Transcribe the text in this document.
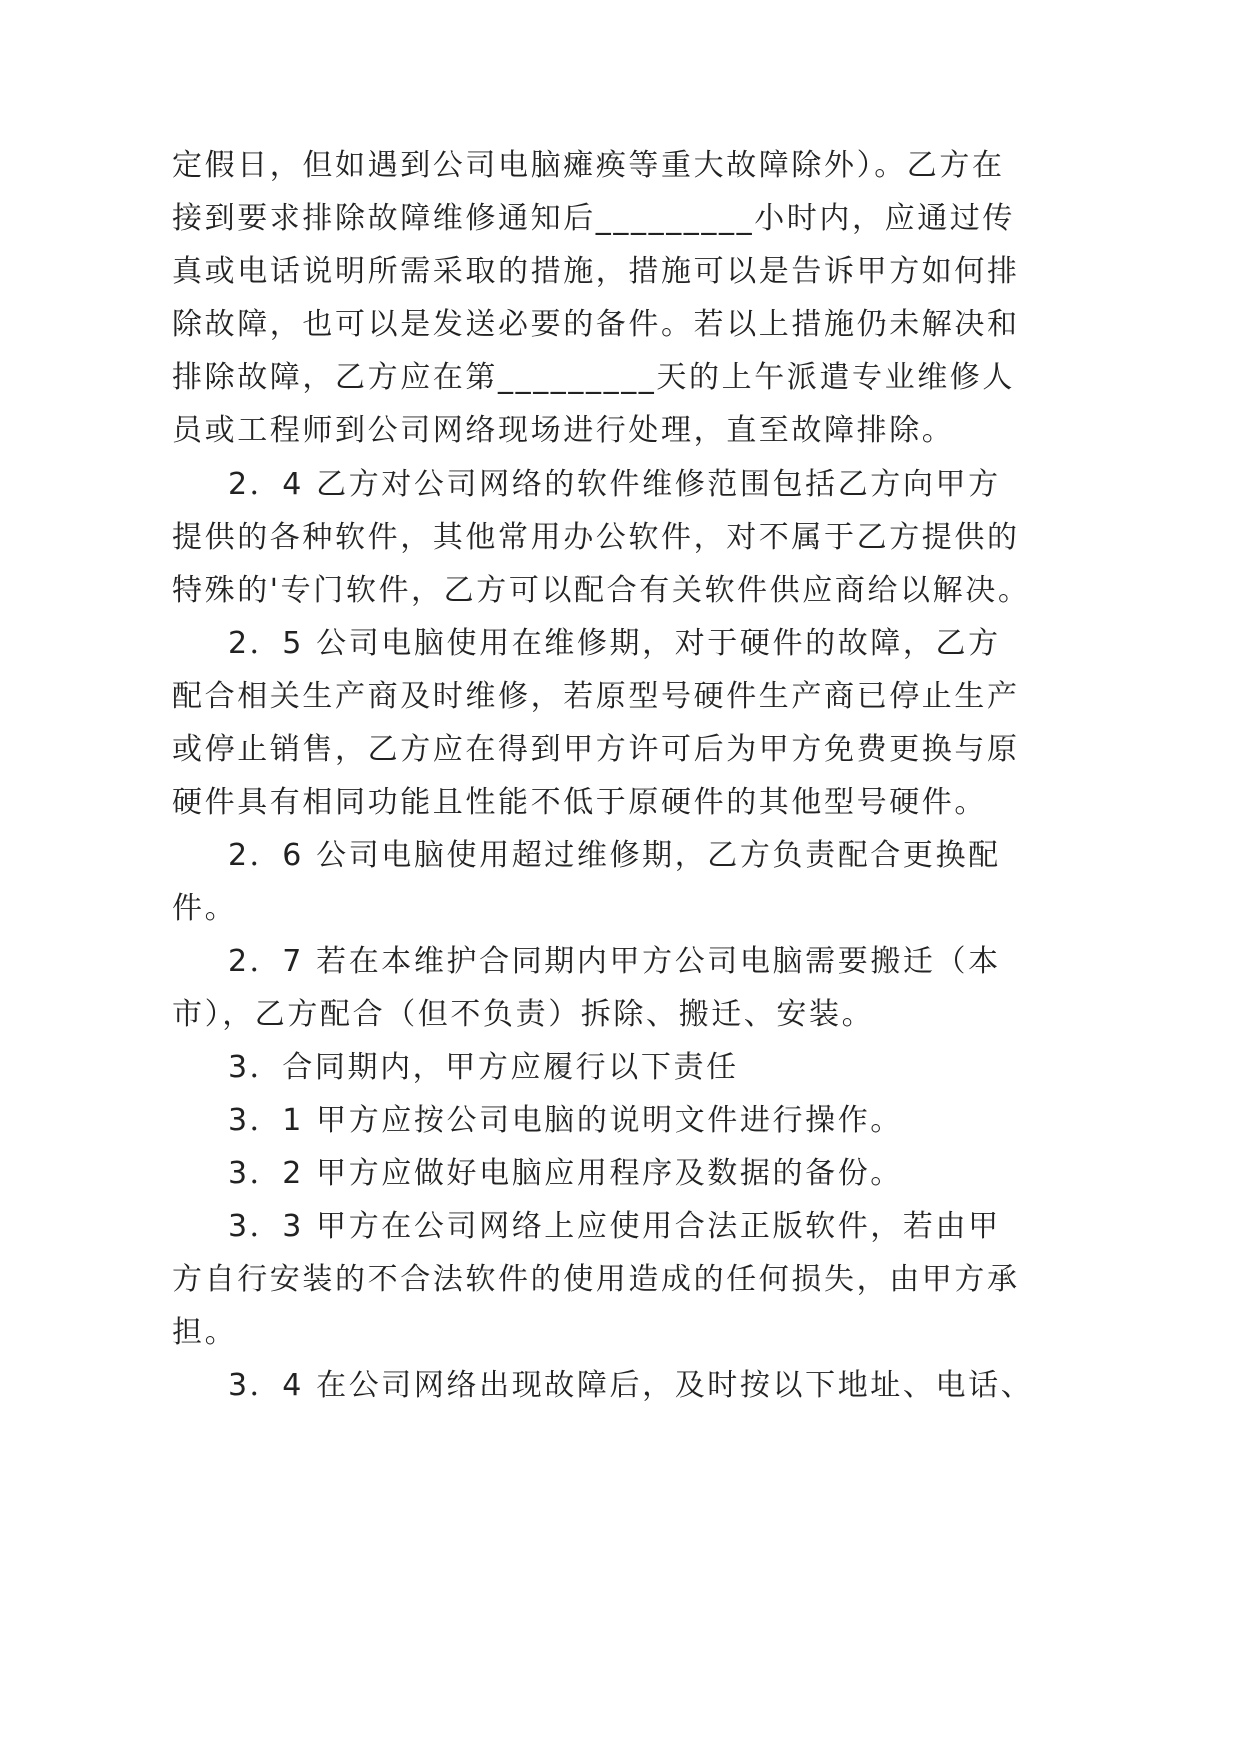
定假日，但如遇到公司电脑瘫痪等重大故障除外）。乙方在
接到要求排除故障维修通知后_________小时内，应通过传
真或电话说明所需采取的措施，措施可以是告诉甲方如何排
除故障，也可以是发送必要的备件。若以上措施仍未解决和
排除故障，乙方应在第_________天的上午派遣专业维修人
员或工程师到公司网络现场进行处理，直至故障排除。
2．4 乙方对公司网络的软件维修范围包括乙方向甲方
提供的各种软件，其他常用办公软件，对不属于乙方提供的
特殊的'专门软件，乙方可以配合有关软件供应商给以解决。
2．5 公司电脑使用在维修期，对于硬件的故障，乙方
配合相关生产商及时维修，若原型号硬件生产商已停止生产
或停止销售，乙方应在得到甲方许可后为甲方免费更换与原
硬件具有相同功能且性能不低于原硬件的其他型号硬件。
2．6 公司电脑使用超过维修期，乙方负责配合更换配
件。
2．7 若在本维护合同期内甲方公司电脑需要搬迁（本
市），乙方配合（但不负责）拆除、搬迁、安装。
3．合同期内，甲方应履行以下责任
3．1 甲方应按公司电脑的说明文件进行操作。
3．2 甲方应做好电脑应用程序及数据的备份。
3．3 甲方在公司网络上应使用合法正版软件，若由甲
方自行安装的不合法软件的使用造成的任何损失，由甲方承
担。
3．4 在公司网络出现故障后，及时按以下地址、电话、
